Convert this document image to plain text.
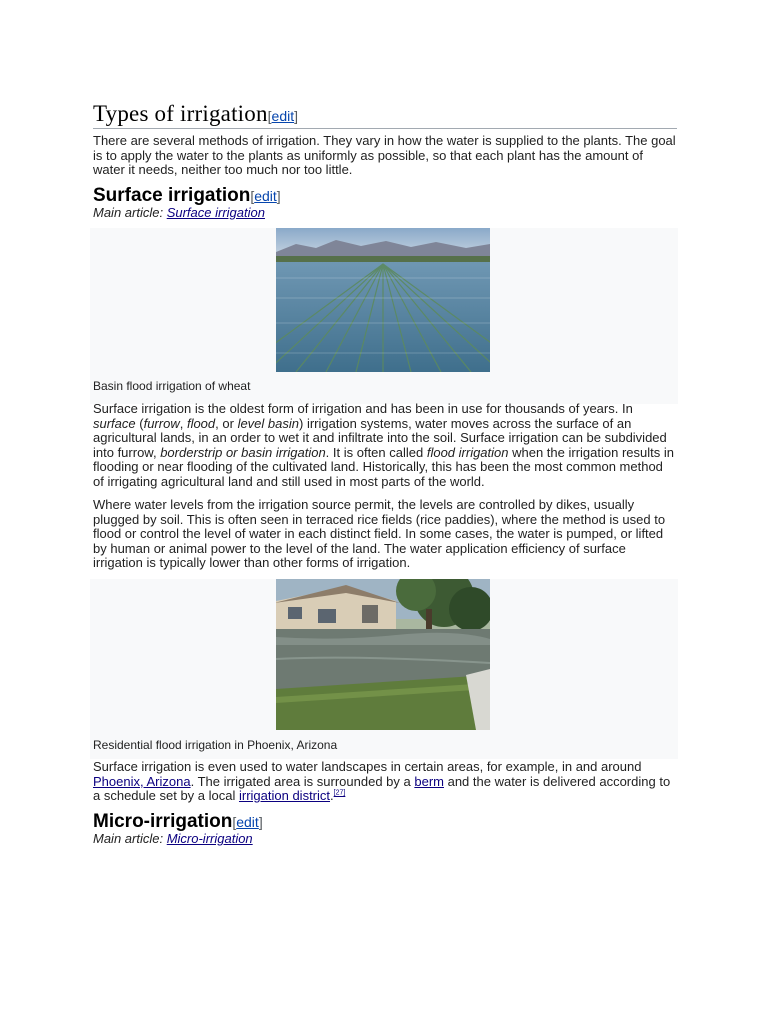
Types of irrigation[edit]
There are several methods of irrigation. They vary in how the water is supplied to the plants. The goal is to apply the water to the plants as uniformly as possible, so that each plant has the amount of water it needs, neither too much nor too little.
Surface irrigation[edit]
Main article: Surface irrigation
Basin flood irrigation of wheat
Surface irrigation is the oldest form of irrigation and has been in use for thousands of years. In surface (furrow, flood, or level basin) irrigation systems, water moves across the surface of an agricultural lands, in an order to wet it and infiltrate into the soil. Surface irrigation can be subdivided into furrow, borderstrip or basin irrigation. It is often called flood irrigation when the irrigation results in flooding or near flooding of the cultivated land. Historically, this has been the most common method of irrigating agricultural land and still used in most parts of the world.
Where water levels from the irrigation source permit, the levels are controlled by dikes, usually plugged by soil. This is often seen in terraced rice fields (rice paddies), where the method is used to flood or control the level of water in each distinct field. In some cases, the water is pumped, or lifted by human or animal power to the level of the land. The water application efficiency of surface irrigation is typically lower than other forms of irrigation.
Residential flood irrigation in Phoenix, Arizona
Surface irrigation is even used to water landscapes in certain areas, for example, in and around Phoenix, Arizona. The irrigated area is surrounded by a berm and the water is delivered according to a schedule set by a local irrigation district.[27]
Micro-irrigation[edit]
Main article: Micro-irrigation
